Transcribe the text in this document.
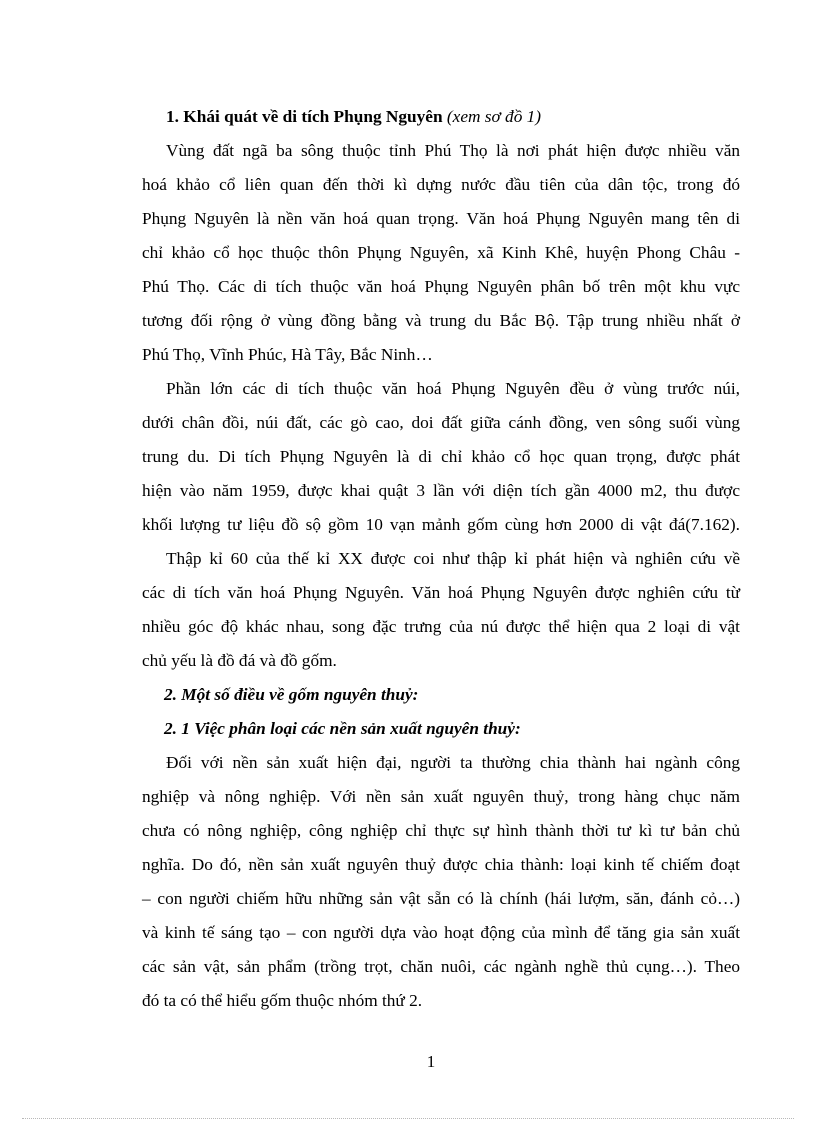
1. Khái quát về di tích Phụng Nguyên (xem sơ đồ 1)
Vùng đất ngã ba sông thuộc tỉnh Phú Thọ là nơi phát hiện được nhiều văn
hoá khảo cổ liên quan đến thời kì dựng nước đầu tiên của dân tộc, trong đó
Phụng Nguyên là nền văn hoá quan trọng. Văn hoá Phụng Nguyên mang tên di
chỉ khảo cổ học thuộc thôn Phụng Nguyên, xã Kinh Khê, huyện Phong Châu -
Phú Thọ. Các di tích thuộc văn hoá Phụng Nguyên phân bố trên một khu vực
tương đối rộng ở vùng đồng bằng và trung du Bắc Bộ. Tập trung nhiều nhất ở
Phú Thọ, Vĩnh Phúc, Hà Tây, Bắc Ninh…
Phần lớn các di tích thuộc văn hoá Phụng Nguyên đều ở vùng trước núi,
dưới chân đồi, núi đất, các gò cao, doi đất giữa cánh đồng, ven sông suối vùng
trung du. Di tích Phụng Nguyên là di chỉ khảo cổ học quan trọng, được phát
hiện vào năm 1959, được khai quật 3 lần với diện tích gần 4000 m2, thu được
khối lượng tư liệu đồ sộ gồm 10 vạn mảnh gốm cùng hơn 2000 di vật đá(7.162).
Thập kỉ 60 của thế kỉ XX được coi như thập kỉ phát hiện và nghiên cứu về
các di tích văn hoá Phụng Nguyên. Văn hoá Phụng Nguyên được nghiên cứu từ
nhiều góc độ khác nhau, song đặc trưng của nú được thể hiện qua 2 loại di vật
chủ yếu là đồ đá và đồ gốm.
2. Một số điều về gốm nguyên thuỷ:
2. 1 Việc phân loại các nền sản xuất nguyên thuỷ:
Đối với nền sản xuất hiện đại, người ta thường chia thành hai ngành công
nghiệp và nông nghiệp. Với nền sản xuất nguyên thuỷ, trong hàng chục năm
chưa có nông nghiệp, công nghiệp chỉ thực sự hình thành thời tư kì tư bản chủ
nghĩa. Do đó, nền sản xuất nguyên thuỷ được chia thành: loại kinh tế chiếm đoạt
– con người chiếm hữu những sản vật sẵn có là chính (hái lượm, săn, đánh cỏ…)
và kinh tế sáng tạo – con người dựa vào hoạt động của mình để tăng gia sản xuất
các sản vật, sản phẩm (trồng trọt, chăn nuôi, các ngành nghề thủ cụng…). Theo
đó ta có thể hiểu gốm thuộc nhóm thứ 2.
1
